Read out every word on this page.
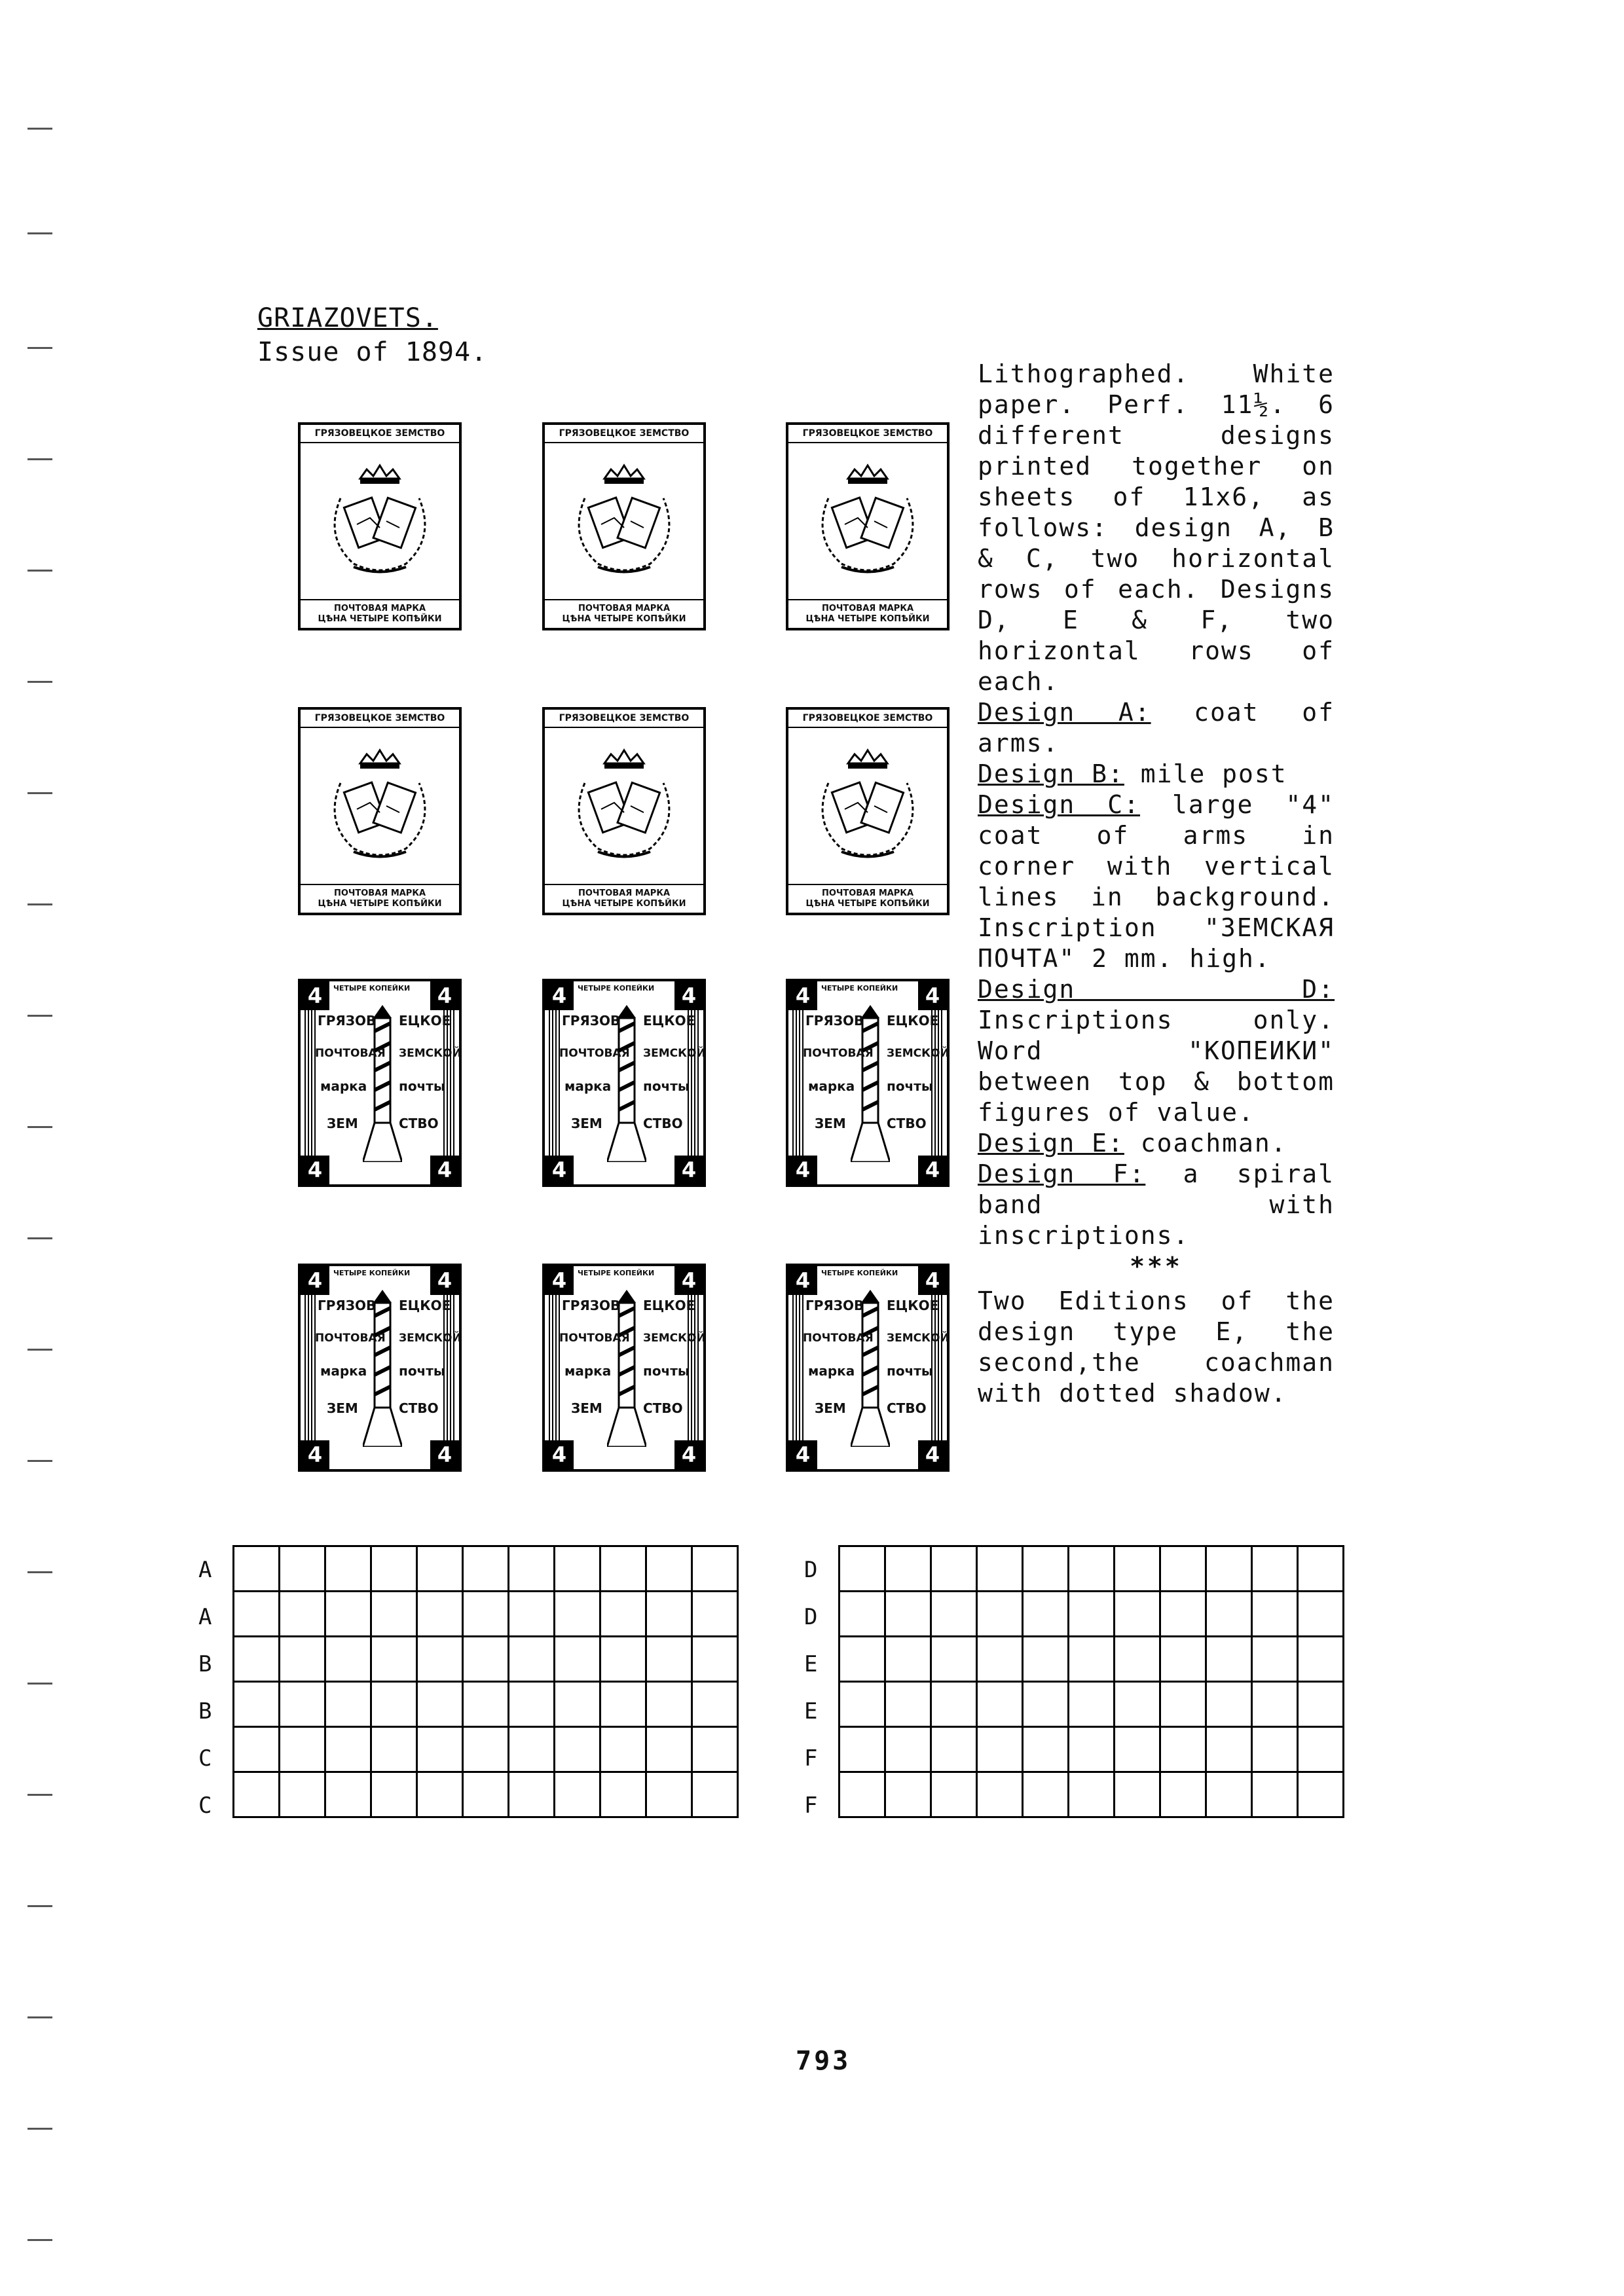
GRIAZOVETS.
Issue of 1894.
ГРЯЗОВЕЦКОЕ ЗЕМСТВО
ПОЧТОВАЯ МАРКА
ЦѢНА ЧЕТЫРЕ КОПѢЙКИ
ГРЯЗОВЕЦКОЕ ЗЕМСТВО
ПОЧТОВАЯ МАРКА
ЦѢНА ЧЕТЫРЕ КОПѢЙКИ
ГРЯЗОВЕЦКОЕ ЗЕМСТВО
ПОЧТОВАЯ МАРКА
ЦѢНА ЧЕТЫРЕ КОПѢЙКИ
ГРЯЗОВЕЦКОЕ ЗЕМСТВО
ПОЧТОВАЯ МАРКА
ЦѢНА ЧЕТЫРЕ КОПѢЙКИ
ГРЯЗОВЕЦКОЕ ЗЕМСТВО
ПОЧТОВАЯ МАРКА
ЦѢНА ЧЕТЫРЕ КОПѢЙКИ
ГРЯЗОВЕЦКОЕ ЗЕМСТВО
ПОЧТОВАЯ МАРКА
ЦѢНА ЧЕТЫРЕ КОПѢЙКИ
4	4
4	4
ЧЕТЫРЕ КОПЕЙКИ
ГРЯЗОВ ЕЦКОЕ
ПОЧТОВАЯ ЗЕМСКОЙ
марка почты
ЗЕМ	СТВО
4	4
4	4
ЧЕТЫРЕ КОПЕЙКИ
ГРЯЗОВ ЕЦКОЕ
ПОЧТОВАЯ ЗЕМСКОЙ
марка почты
ЗЕМ	СТВО
4	4
4	4
ЧЕТЫРЕ КОПЕЙКИ
ГРЯЗОВ ЕЦКОЕ
ПОЧТОВАЯ ЗЕМСКОЙ
марка почты
ЗЕМ	СТВО
4	4
4	4
ЧЕТЫРЕ КОПЕЙКИ
ГРЯЗОВ ЕЦКОЕ
ПОЧТОВАЯ ЗЕМСКОЙ
марка почты
ЗЕМ	СТВО
4	4
4	4
ЧЕТЫРЕ КОПЕЙКИ
ГРЯЗОВ ЕЦКОЕ
ПОЧТОВАЯ ЗЕМСКОЙ
марка почты
ЗЕМ	СТВО
4	4
4	4
ЧЕТЫРЕ КОПЕЙКИ
ГРЯЗОВ ЕЦКОЕ
ПОЧТОВАЯ ЗЕМСКОЙ
марка почты
ЗЕМ	СТВО

Lithographed. White paper. Perf. 11½. 6 different designs printed together on sheets of 11x6, as follows: design A, B & C, two horizontal rows of each. Designs D, E & F, two horizontal rows of each.

Design A: coat of arms.

Design B: mile post

Design C: large "4" coat of arms in corner with vertical lines in background. Inscription "ЗЕМСКАЯ ПОЧТА" 2 mm. high.

Design D: Inscriptions only. Word "КОПЕИКИ" between top & bottom figures of value.

Design E: coachman.

Design F: a spiral band with inscriptions.

***

Two Editions of the design type E, the second,the coachman with dotted shadow.

A
A
B
B
C
C

D
D
E
E
F
F

793
